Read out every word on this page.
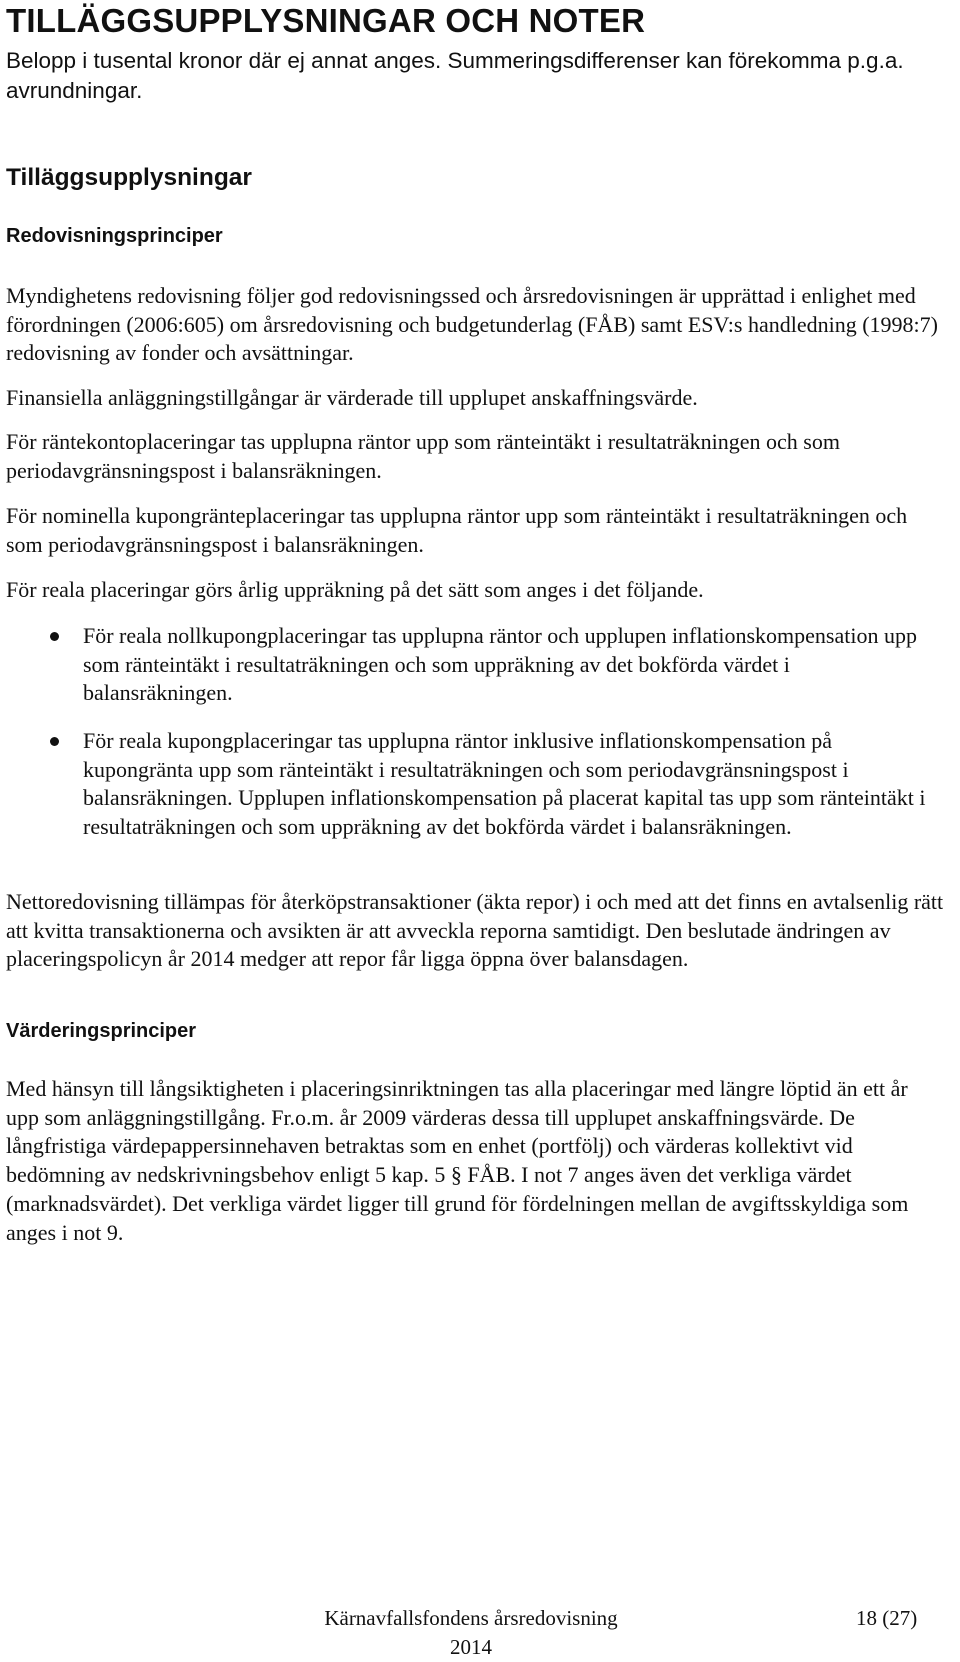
TILLÄGGSUPPLYSNINGAR OCH NOTER
Belopp i tusental kronor där ej annat anges. Summeringsdifferenser kan förekomma p.g.a. avrundningar.
Tilläggsupplysningar
Redovisningsprinciper
Myndighetens redovisning följer god redovisningssed och årsredovisningen är upprättad i enlighet med förordningen (2006:605) om årsredovisning och budgetunderlag (FÅB) samt ESV:s handledning (1998:7) redovisning av fonder och avsättningar.
Finansiella anläggningstillgångar är värderade till upplupet anskaffningsvärde.
För räntekontoplaceringar tas upplupna räntor upp som ränteintäkt i resultaträkningen och som periodavgränsningspost i balansräkningen.
För nominella kupongränteplaceringar tas upplupna räntor upp som ränteintäkt i resultaträkningen och som periodavgränsningspost i balansräkningen.
För reala placeringar görs årlig uppräkning på det sätt som anges i det följande.
För reala nollkupongplaceringar tas upplupna räntor och upplupen inflationskompensation upp som ränteintäkt i resultaträkningen och som uppräkning av det bokförda värdet i balansräkningen.
För reala kupongplaceringar tas upplupna räntor inklusive inflationskompensation på kupongränta upp som ränteintäkt i resultaträkningen och som periodavgränsningspost i balansräkningen. Upplupen inflationskompensation på placerat kapital tas upp som ränteintäkt i resultaträkningen och som uppräkning av det bokförda värdet i balansräkningen.
Nettoredovisning tillämpas för återköpstransaktioner (äkta repor) i och med att det finns en avtalsenlig rätt att kvitta transaktionerna och avsikten är att avveckla reporna samtidigt. Den beslutade ändringen av placeringspolicyn år 2014 medger att repor får ligga öppna över balansdagen.
Värderingsprinciper
Med hänsyn till långsiktigheten i placeringsinriktningen tas alla placeringar med längre löptid än ett år upp som anläggningstillgång. Fr.o.m. år 2009 värderas dessa till upplupet anskaffningsvärde. De långfristiga värdepappersinnehaven betraktas som en enhet (portfölj) och värderas kollektivt vid bedömning av nedskrivningsbehov enligt 5 kap. 5 § FÅB. I not 7 anges även det verkliga värdet (marknadsvärdet). Det verkliga värdet ligger till grund för fördelningen mellan de avgiftsskyldiga som anges i not 9.
Kärnavfallsfondens årsredovisning 2014
18 (27)
